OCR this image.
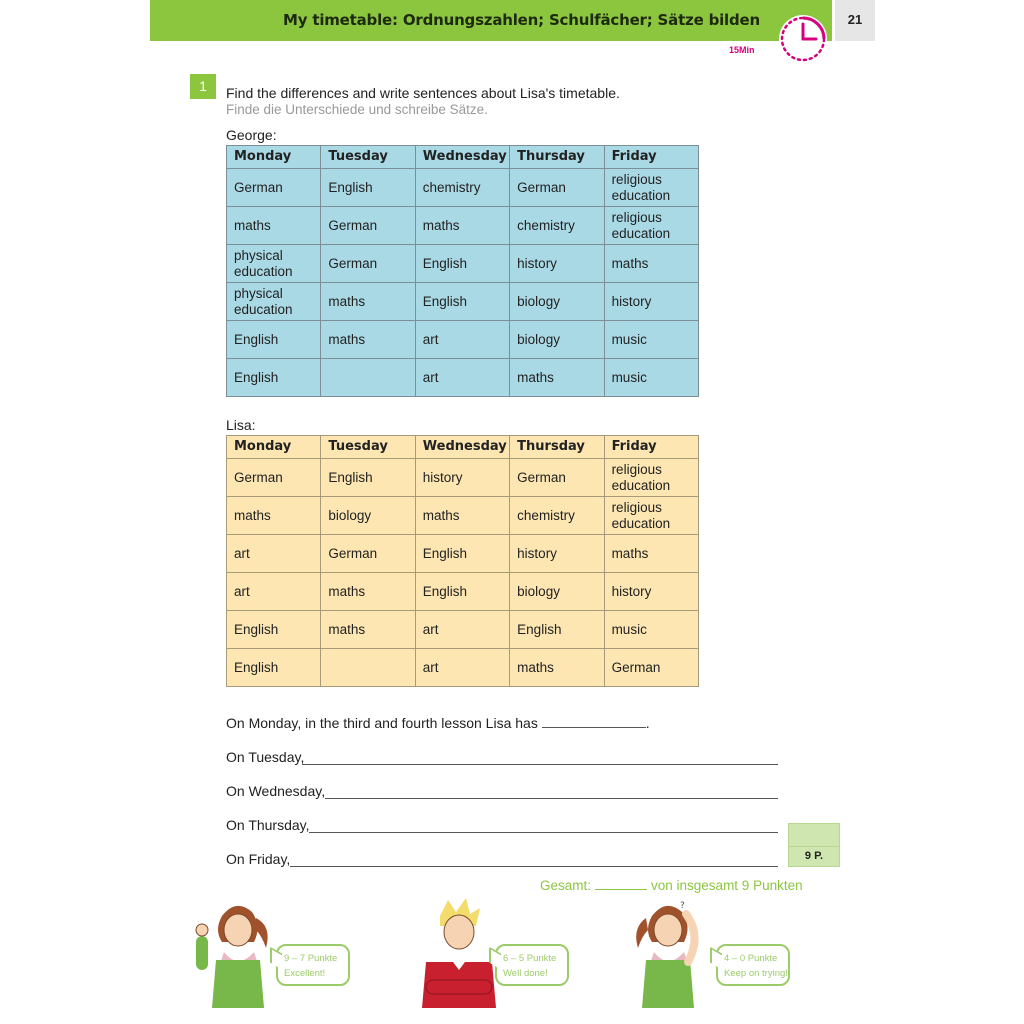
My timetable: Ordnungszahlen; Schulfächer; Sätze bilden	21
15Min
1	Find the differences and write sentences about Lisa's timetable.
Finde die Unterschiede und schreibe Sätze.
George:
Monday	Tuesday	Wednesday	Thursday	Friday
German	English	chemistry	German	religious education
maths	German	maths	chemistry	religious education
physical education	German	English	history	maths
physical education	maths	English	biology	history
English	maths	art	biology	music
English		art	maths	music
Lisa:
Monday	Tuesday	Wednesday	Thursday	Friday
German	English	history	German	religious education
maths	biology	maths	chemistry	religious education
art	German	English	history	maths
art	maths	English	biology	history
English	maths	art	English	music
English		art	maths	German
On Monday, in the third and fourth lesson Lisa has	.
On Tuesday,
On Wednesday,
On Thursday,
On Friday,	9 P.
Gesamt:	von insgesamt 9 Punkten
9 – 7 Punkte
Excellent!
6 – 5 Punkte
Well done!
?
4 – 0 Punkte
Keep on trying!
